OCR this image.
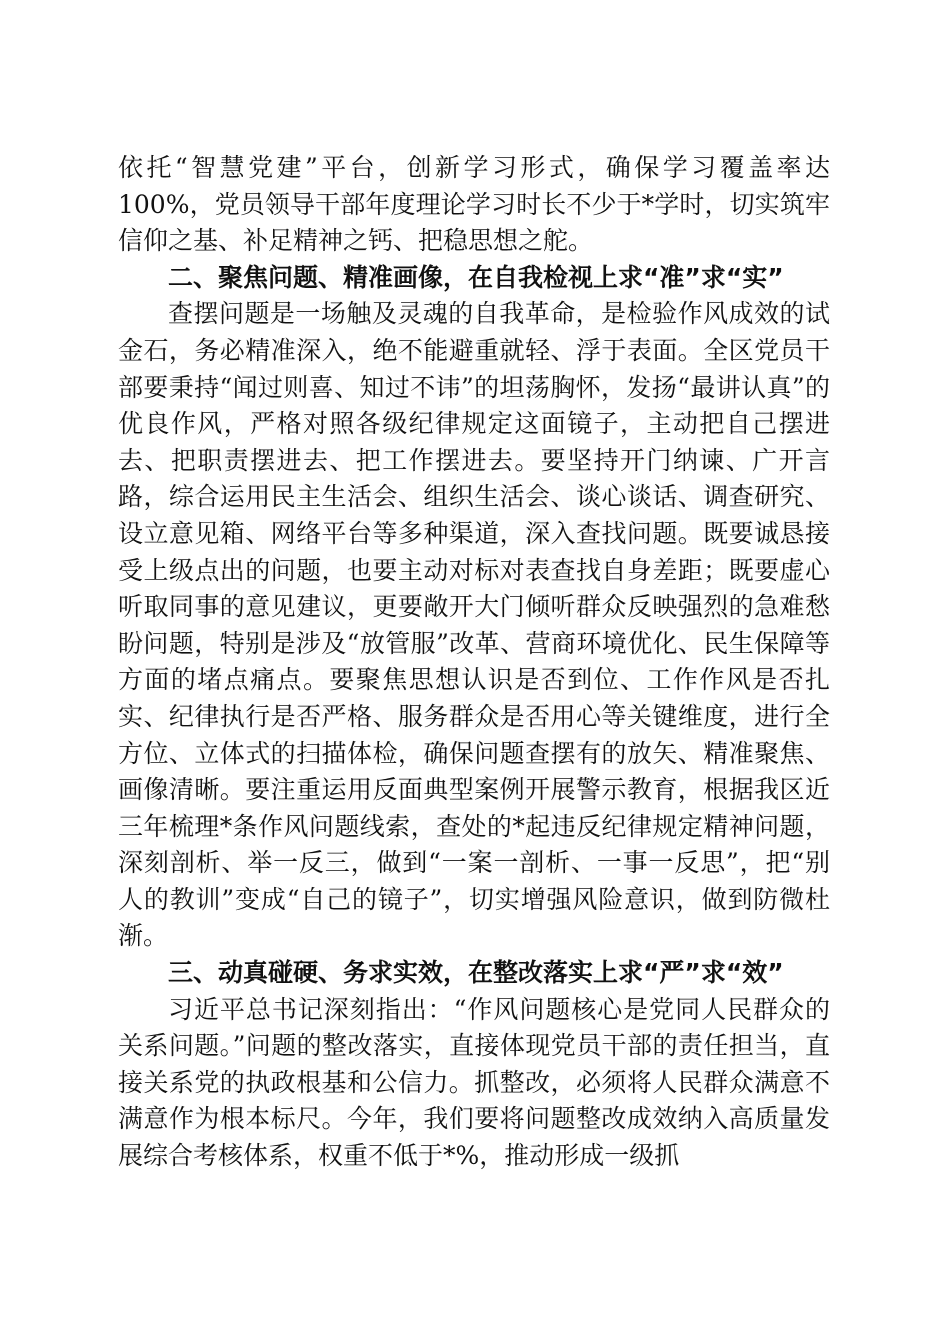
依托“智慧党建”平台，创新学习形式，确保学习覆盖率达100%，党员领导干部年度理论学习时长不少于*学时，切实筑牢信仰之基、补足精神之钙、把稳思想之舵。

二、聚焦问题、精准画像，在自我检视上求“准”求“实”

查摆问题是一场触及灵魂的自我革命，是检验作风成效的试金石，务必精准深入，绝不能避重就轻、浮于表面。全区党员干部要秉持“闻过则喜、知过不讳”的坦荡胸怀，发扬“最讲认真”的优良作风，严格对照各级纪律规定这面镜子，主动把自己摆进去、把职责摆进去、把工作摆进去。要坚持开门纳谏、广开言路，综合运用民主生活会、组织生活会、谈心谈话、调查研究、设立意见箱、网络平台等多种渠道，深入查找问题。既要诚恳接受上级点出的问题，也要主动对标对表查找自身差距；既要虚心听取同事的意见建议，更要敞开大门倾听群众反映强烈的急难愁盼问题，特别是涉及“放管服”改革、营商环境优化、民生保障等方面的堵点痛点。要聚焦思想认识是否到位、工作作风是否扎实、纪律执行是否严格、服务群众是否用心等关键维度，进行全方位、立体式的扫描体检，确保问题查摆有的放矢、精准聚焦、画像清晰。要注重运用反面典型案例开展警示教育，根据我区近三年梳理*条作风问题线索，查处的*起违反纪律规定精神问题，深刻剖析、举一反三，做到“一案一剖析、一事一反思”，把“别人的教训”变成“自己的镜子”，切实增强风险意识，做到防微杜渐。

三、动真碰硬、务求实效，在整改落实上求“严”求“效”

习近平总书记深刻指出：“作风问题核心是党同人民群众的关系问题。”问题的整改落实，直接体现党员干部的责任担当，直接关系党的执政根基和公信力。抓整改，必须将人民群众满意不满意作为根本标尺。今年，我们要将问题整改成效纳入高质量发展综合考核体系，权重不低于*%，推动形成一级抓
